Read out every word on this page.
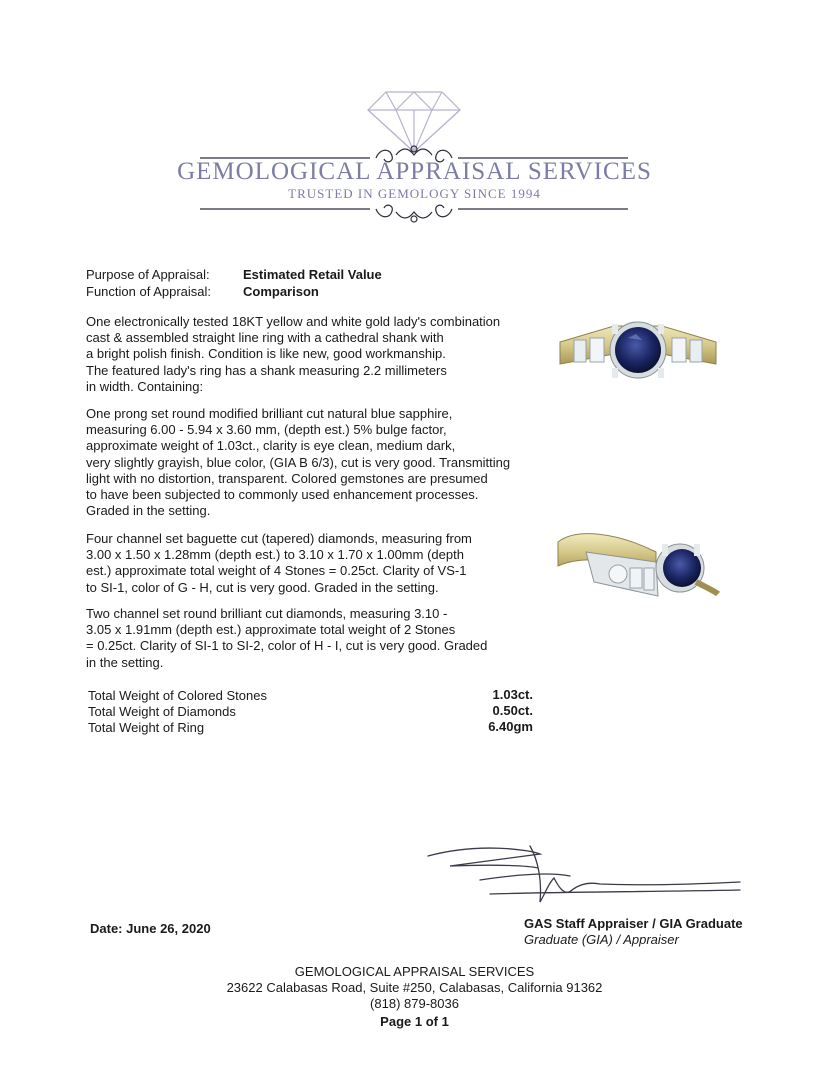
GEMOLOGICAL APPRAISAL SERVICES
TRUSTED IN GEMOLOGY SINCE 1994
Purpose of Appraisal:	Estimated Retail Value
Function of Appraisal: Comparison
One electronically tested 18KT yellow and white gold lady's combination
cast & assembled straight line ring with a cathedral shank with
a bright polish finish. Condition is like new, good workmanship.
The featured lady's ring has a shank measuring 2.2 millimeters
in width. Containing:
One prong set round modified brilliant cut natural blue sapphire,
measuring 6.00 - 5.94 x 3.60 mm, (depth est.) 5% bulge factor,
approximate weight of 1.03ct., clarity is eye clean, medium dark,
very slightly grayish, blue color, (GIA B 6/3), cut is very good. Transmitting
light with no distortion, transparent. Colored gemstones are presumed
to have been subjected to commonly used enhancement processes.
Graded in the setting.
Four channel set baguette cut (tapered) diamonds, measuring from
3.00 x 1.50 x 1.28mm (depth est.) to 3.10 x 1.70 x 1.00mm (depth
est.) approximate total weight of 4 Stones = 0.25ct. Clarity of VS-1
to SI-1, color of G - H, cut is very good. Graded in the setting.
Two channel set round brilliant cut diamonds, measuring 3.10 -
3.05 x 1.91mm (depth est.) approximate total weight of 2 Stones
= 0.25ct. Clarity of SI-1 to SI-2, color of H - I, cut is very good. Graded
in the setting.
Total Weight of Colored Stones	1.03ct.
Total Weight of Diamonds	0.50ct.
Total Weight of Ring	6.40gm
Date: June 26, 2020	GAS Staff Appraiser / GIA Graduate
Graduate (GIA) / Appraiser
GEMOLOGICAL APPRAISAL SERVICES
23622 Calabasas Road, Suite #250, Calabasas, California 91362
(818) 879-8036
Page 1 of 1
